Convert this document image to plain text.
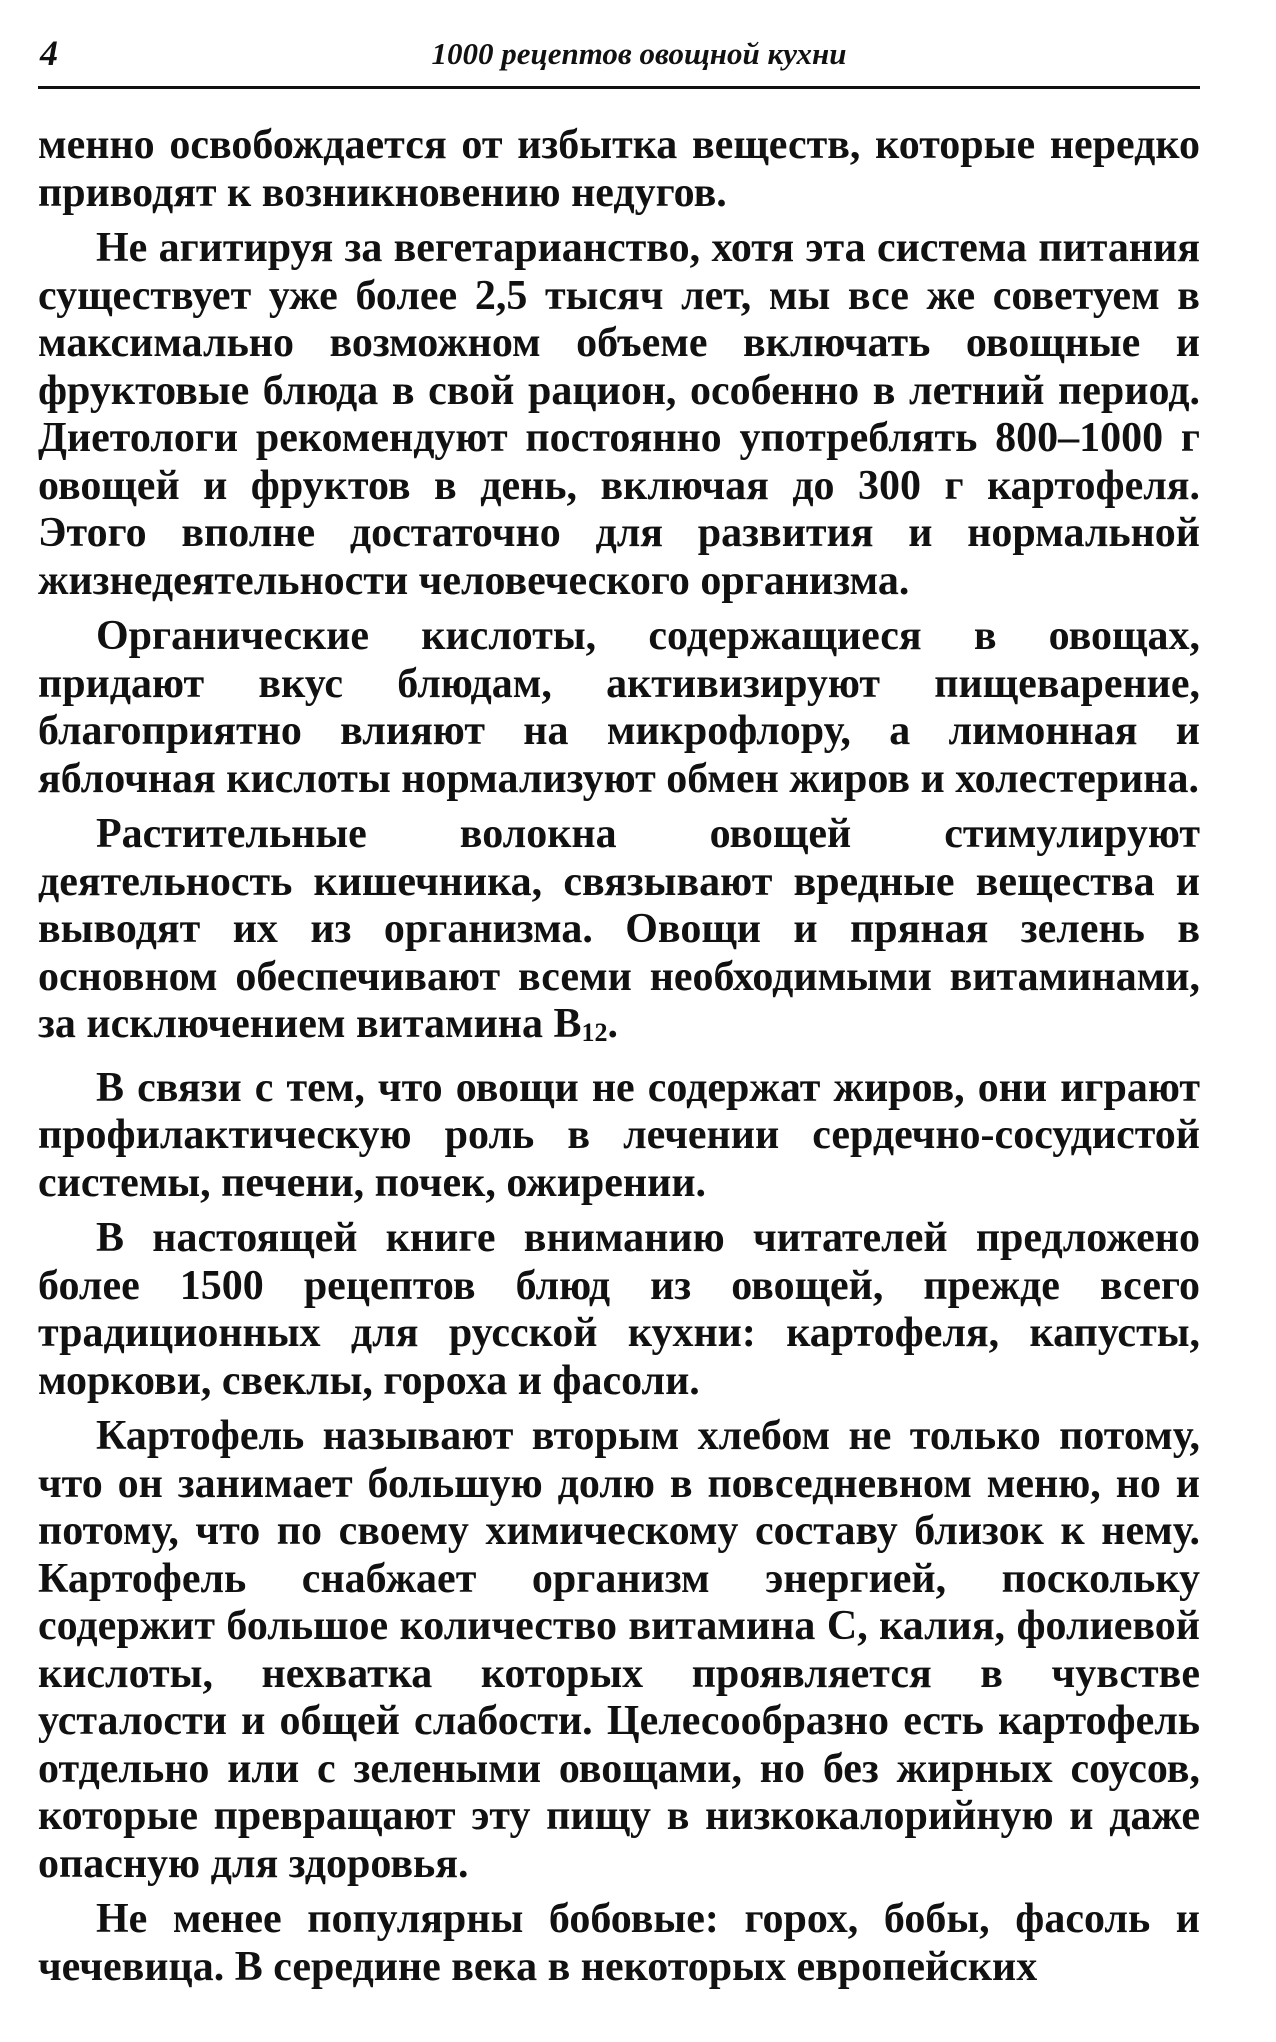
4	1000 рецептов овощной кухни

менно освобождается от избытка веществ, которые нередко приводят к возникновению недугов.

Не агитируя за вегетарианство, хотя эта система питания существует уже более 2,5 тысяч лет, мы все же советуем в максимально возможном объеме включать овощные и фруктовые блюда в свой рацион, особенно в летний период. Диетологи рекомендуют постоянно употреблять 800–1000 г овощей и фруктов в день, включая до 300 г картофеля. Этого вполне достаточно для развития и нормальной жизнедеятельности человеческого организма.

Органические кислоты, содержащиеся в овощах, придают вкус блюдам, активизируют пищеварение, благоприятно влияют на микрофлору, а лимонная и яблочная кислоты нормализуют обмен жиров и холестерина.

Растительные волокна овощей стимулируют деятельность кишечника, связывают вредные вещества и выводят их из организма. Овощи и пряная зелень в основном обеспечивают всеми необходимыми витаминами, за исключением витамина B12.

В связи с тем, что овощи не содержат жиров, они играют профилактическую роль в лечении сердечно-сосудистой системы, печени, почек, ожирении.

В настоящей книге вниманию читателей предложено более 1500 рецептов блюд из овощей, прежде всего традиционных для русской кухни: картофеля, капусты, моркови, свеклы, гороха и фасоли.

Картофель называют вторым хлебом не только потому, что он занимает большую долю в повседневном меню, но и потому, что по своему химическому составу близок к нему. Картофель снабжает организм энергией, поскольку содержит большое количество витамина С, калия, фолиевой кислоты, нехватка которых проявляется в чувстве усталости и общей слабости. Целесообразно есть картофель отдельно или с зелеными овощами, но без жирных соусов, которые превращают эту пищу в низкокалорийную и даже опасную для здоровья.

Не менее популярны бобовые: горох, бобы, фасоль и чечевица. В середине века в некоторых европейских
